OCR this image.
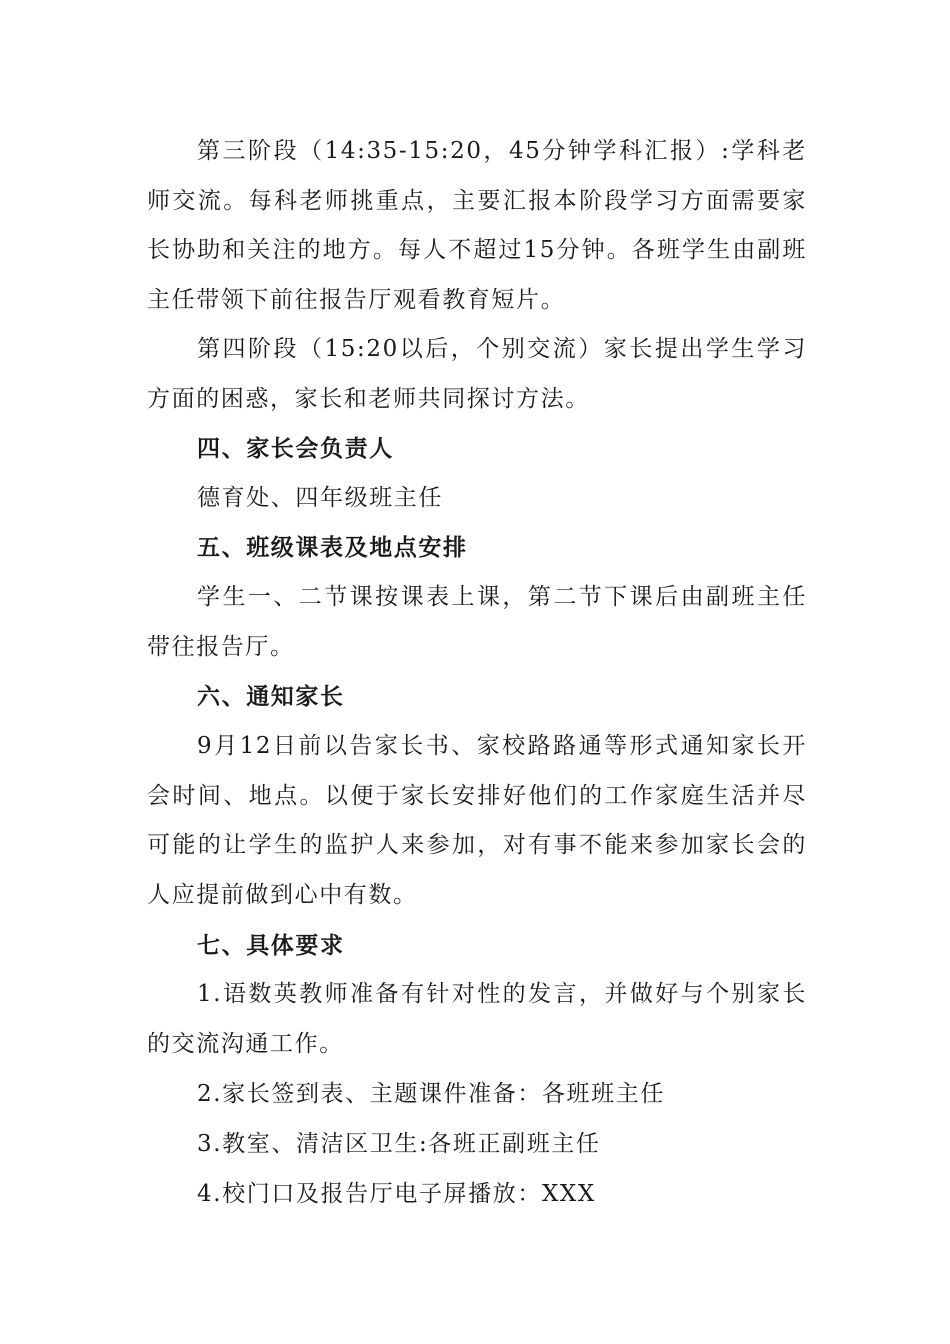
第三阶段（14:35-15:20，45分钟学科汇报）:学科老师交流。每科老师挑重点，主要汇报本阶段学习方面需要家长协助和关注的地方。每人不超过15分钟。各班学生由副班主任带领下前往报告厅观看教育短片。

第四阶段（15:20以后，个别交流）家长提出学生学习方面的困惑，家长和老师共同探讨方法。

四、家长会负责人

德育处、四年级班主任

五、班级课表及地点安排

学生一、二节课按课表上课，第二节下课后由副班主任带往报告厅。

六、通知家长

9月12日前以告家长书、家校路路通等形式通知家长开会时间、地点。以便于家长安排好他们的工作家庭生活并尽可能的让学生的监护人来参加，对有事不能来参加家长会的人应提前做到心中有数。

七、具体要求

1.语数英教师准备有针对性的发言，并做好与个别家长的交流沟通工作。

2.家长签到表、主题课件准备：各班班主任

3.教室、清洁区卫生:各班正副班主任

4.校门口及报告厅电子屏播放：XXX
